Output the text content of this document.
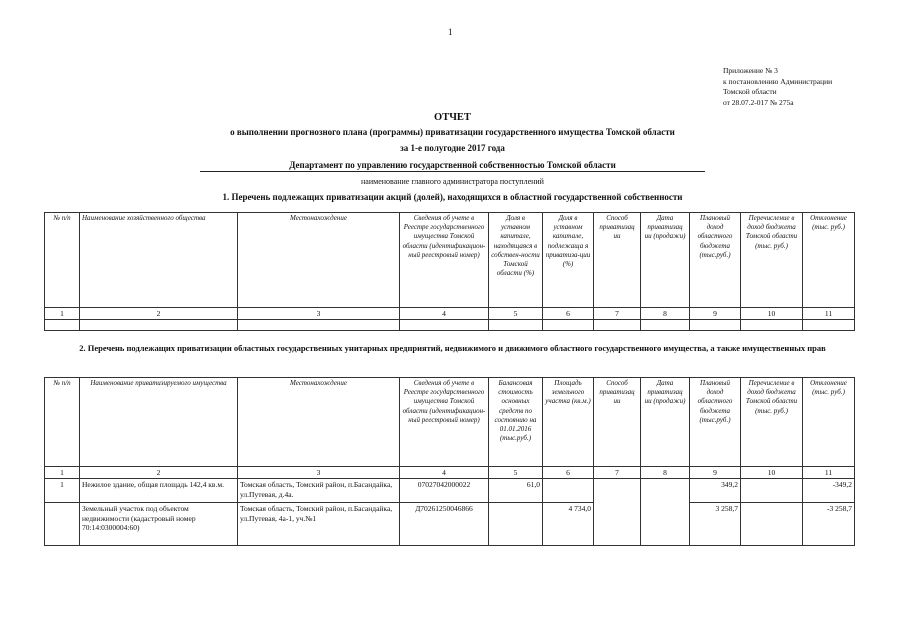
1
Приложение № 3
к постановлению Администрации
Томской области
от 28.07.2-017 № 275а
ОТЧЕТ
о выполнении прогнозного плана (программы) приватизации государственного имущества Томской области
за 1-е полугодие 2017 года
Департамент по управлению государственной собственностью Томской области
наименование главного администратора поступлений
1. Перечень подлежащих приватизации акций (долей), находящихся в областной государственной собственности
№ п/п	Наименование хозяйственного общества	Местонахождение	Сведения об учете в Реестре государственного имущества Томской области (идентификацион-ный реестровый номер)	Доля в уставном капитале, находящаяся в собствен-ности Томской области (%)	Доля в уставном капитале, подлежаща я приватиза-ции (%)	Способ приватизац ии	Дата приватизац ии (продажи)	Плановый доход областного бюджета (тыс.руб.)	Перечисление в доход бюджета Томской области (тыс. руб.)	Отклонение (тыс. руб.)
1	2	3	4	5	6	7	8	9	10	11

2. Перечень подлежащих приватизации областных государственных унитарных предприятий, недвижимого и движимого областного государственного имущества, а также имущественных прав
№ п/п	Наименование приватизируемого имущества	Местонахождение	Сведения об учете в Реестре государственного имущества Томской области (идентификацион-ный реестровый номер)	Балансовая стоимость основных средств по состоянию на 01.01.2016 (тыс.руб.)	Площадь земельного участка (кв.м.)	Способ приватизац ии	Дата приватизац ии (продажи)	Плановый доход областного бюджета (тыс.руб.)	Перечисление в доход бюджета Томской области (тыс. руб.)	Отклонение (тыс. руб.)
1	2	3	4	5	6	7	8	9	10	11
1	Нежилое здание, общая площадь 142,4 кв.м.	Томская область, Томский район, п.Басандайка, ул.Путевая, д.4а.	07027042000022	61,0				349,2		-349,2
	Земельный участок под объектом недвижимости (кадастровый номер 70:14:0300004:60)	Томская область, Томский район, п.Басандайка, ул.Путевая, 4а-1, уч.№1	Д70261250046866		4 734,0			3 258,7		-3 258,7
